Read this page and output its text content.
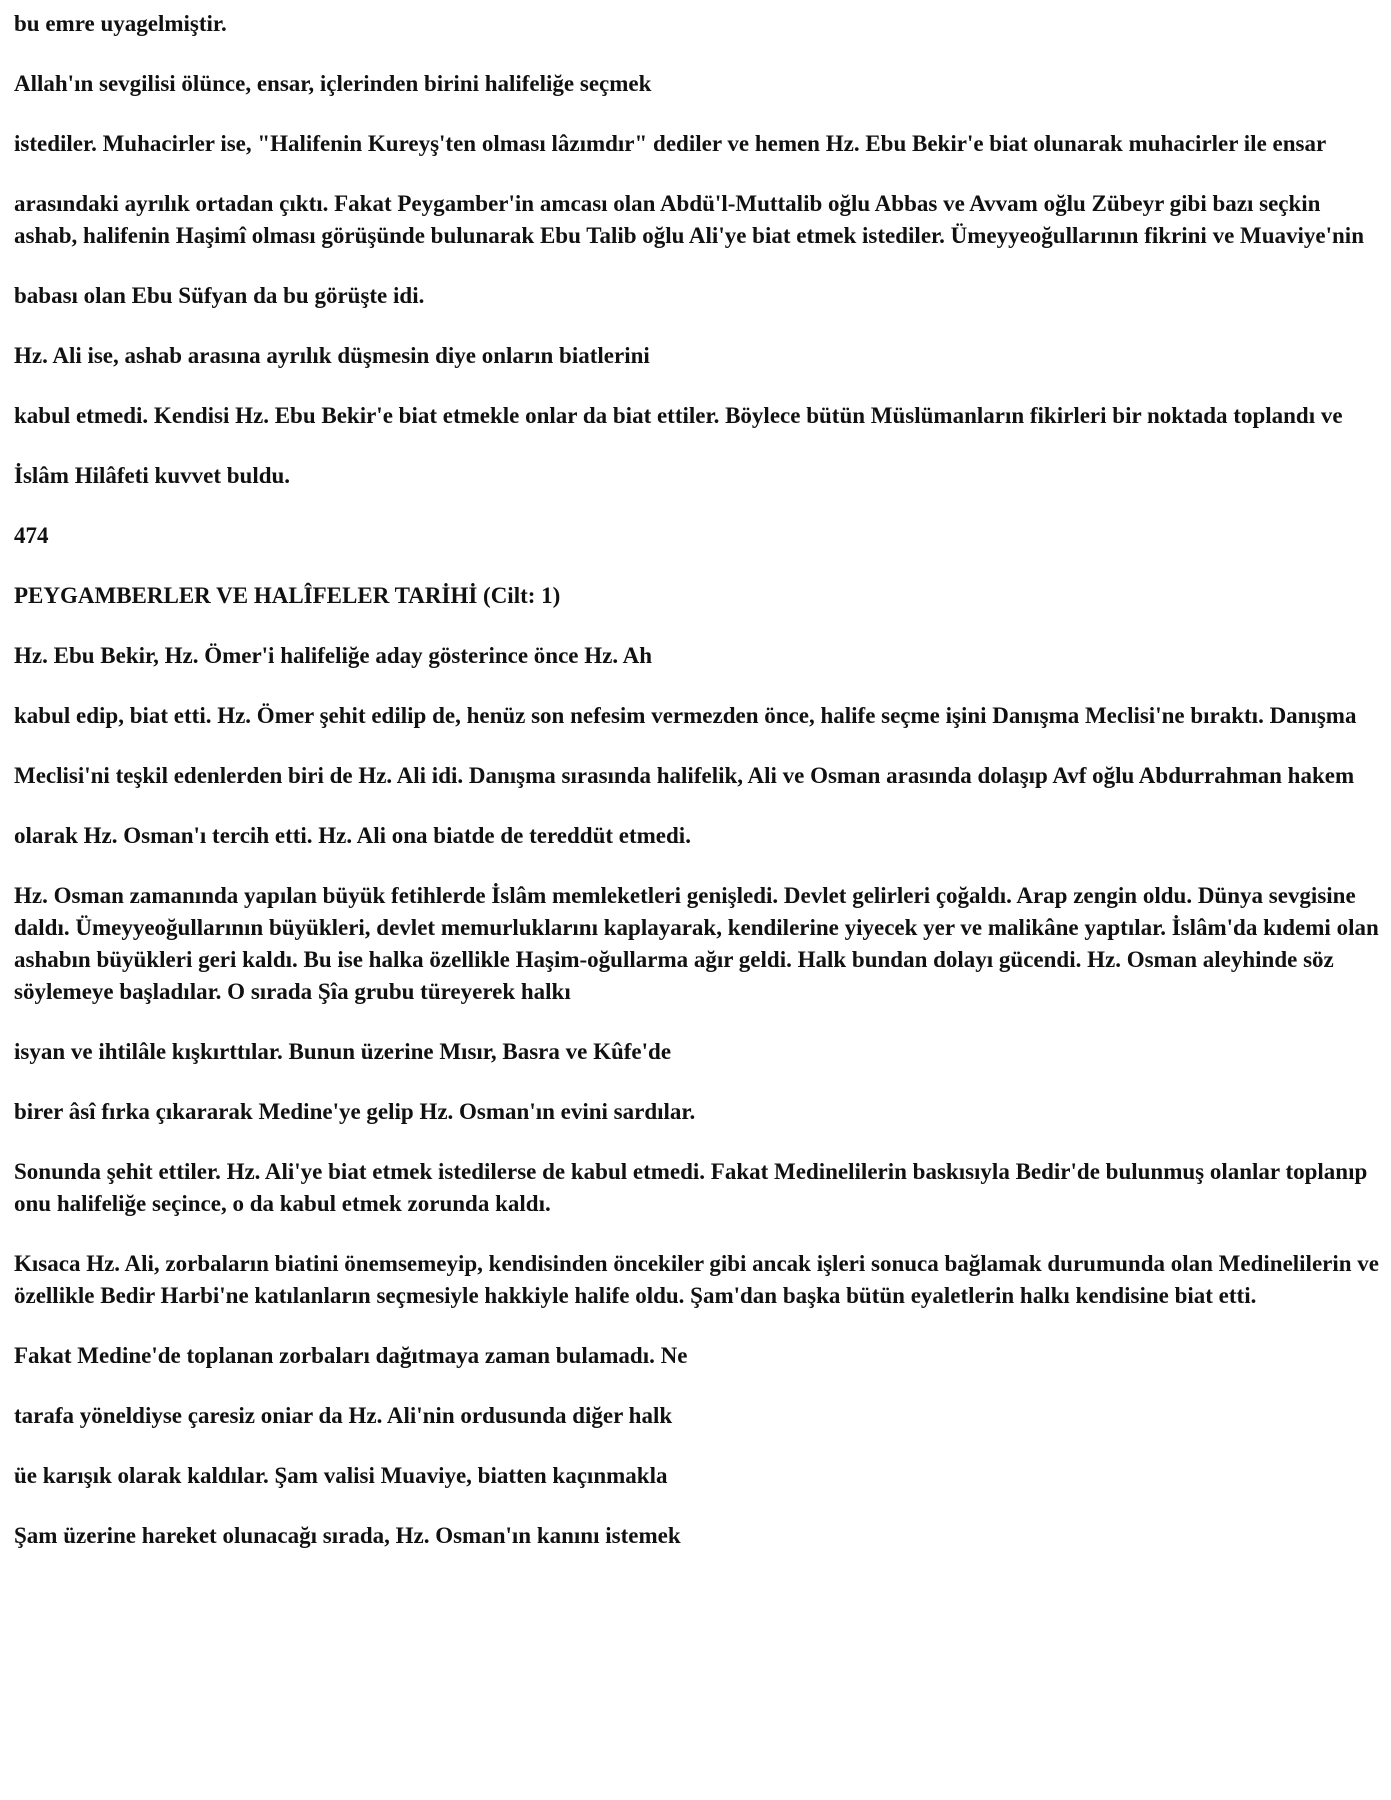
bu emre uyagelmiştir.

Allah'ın sevgilisi ölünce, ensar, içlerinden birini halifeliğe seçmek

istediler. Muhacirler ise, "Halifenin Kureyş'ten olması lâzımdır" dediler ve hemen Hz. Ebu Bekir'e biat olunarak muhacirler ile ensar

arasındaki ayrılık ortadan çıktı. Fakat Peygamber'in amcası olan Abdü'l-Muttalib oğlu Abbas ve Avvam oğlu Zübeyr gibi bazı seçkin ashab, halifenin Haşimî olması görüşünde bulunarak Ebu Talib oğlu Ali'ye biat etmek istediler. Ümeyyeoğullarının fikrini ve Muaviye'nin

babası olan Ebu Süfyan da bu görüşte idi.

Hz. Ali ise, ashab arasına ayrılık düşmesin diye onların biatlerini

kabul etmedi. Kendisi Hz. Ebu Bekir'e biat etmekle onlar da biat ettiler. Böylece bütün Müslümanların fikirleri bir noktada toplandı ve

İslâm Hilâfeti kuvvet buldu.

474

PEYGAMBERLER VE HALÎFELER TARİHİ (Cilt: 1)

Hz. Ebu Bekir, Hz. Ömer'i halifeliğe aday gösterince önce Hz. Ah

kabul edip, biat etti. Hz. Ömer şehit edilip de, henüz son nefesim vermezden önce, halife seçme işini Danışma Meclisi'ne bıraktı. Danışma

Meclisi'ni teşkil edenlerden biri de Hz. Ali idi. Danışma sırasında halifelik, Ali ve Osman arasında dolaşıp Avf oğlu Abdurrahman hakem

olarak Hz. Osman'ı tercih etti. Hz. Ali ona biatde de tereddüt etmedi.

Hz. Osman zamanında yapılan büyük fetihlerde İslâm memleketleri genişledi. Devlet gelirleri çoğaldı. Arap zengin oldu. Dünya sevgisine daldı. Ümeyyeoğullarının büyükleri, devlet memurluklarını kaplayarak, kendilerine yiyecek yer ve malikâne yaptılar. İslâm'da kıdemi olan ashabın büyükleri geri kaldı. Bu ise halka özellikle Haşim-oğullarma ağır geldi. Halk bundan dolayı gücendi. Hz. Osman aleyhinde söz söylemeye başladılar. O sırada Şîa grubu türeyerek halkı

isyan ve ihtilâle kışkırttılar. Bunun üzerine Mısır, Basra ve Kûfe'de

birer âsî fırka çıkararak Medine'ye gelip Hz. Osman'ın evini sardılar.

Sonunda şehit ettiler. Hz. Ali'ye biat etmek istedilerse de kabul etmedi. Fakat Medinelilerin baskısıyla Bedir'de bulunmuş olanlar toplanıp onu halifeliğe seçince, o da kabul etmek zorunda kaldı.

Kısaca Hz. Ali, zorbaların biatini önemsemeyip, kendisinden öncekiler gibi ancak işleri sonuca bağlamak durumunda olan Medinelilerin ve özellikle Bedir Harbi'ne katılanların seçmesiyle hakkiyle halife oldu. Şam'dan başka bütün eyaletlerin halkı kendisine biat etti.

Fakat Medine'de toplanan zorbaları dağıtmaya zaman bulamadı. Ne

tarafa yöneldiyse çaresiz oniar da Hz. Ali'nin ordusunda diğer halk

üe karışık olarak kaldılar. Şam valisi Muaviye, biatten kaçınmakla

Şam üzerine hareket olunacağı sırada, Hz. Osman'ın kanını istemek
